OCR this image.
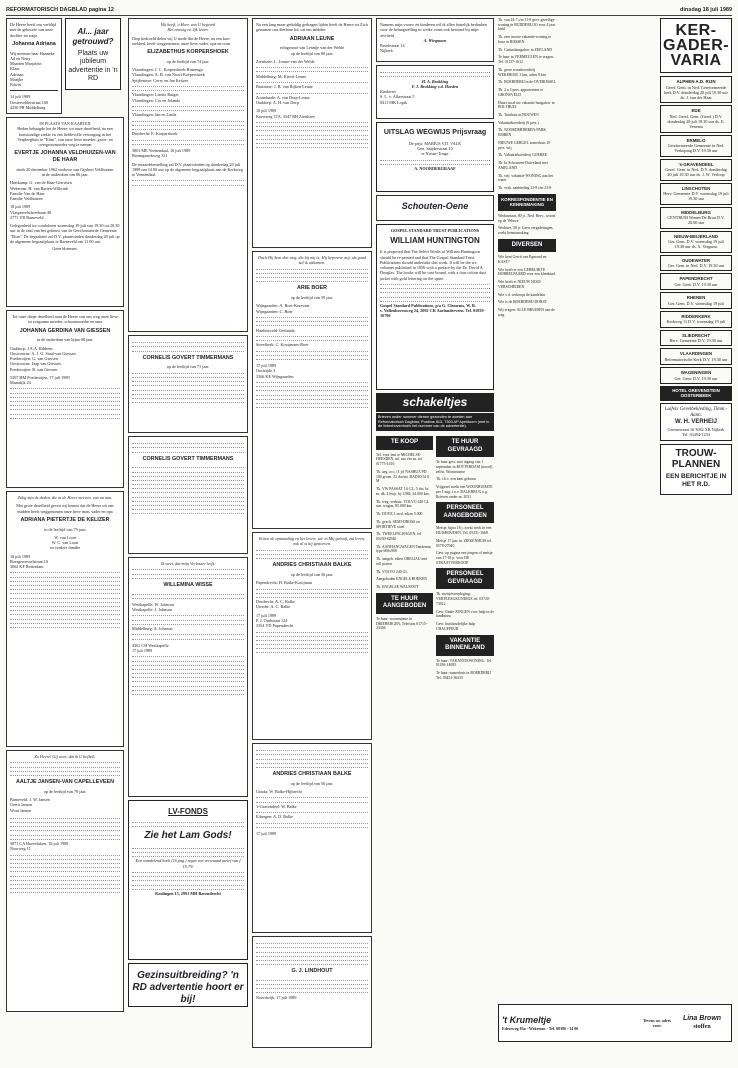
REFORMATORISCH DAGBLAD pagina 12	dinsdag 18 juli 1989
De Heere heeft ons verblijd met de geboorte van onze dochter en zusje
Johanna Adriana
Wij noemen haar Hanneke
Ad en Netty
Maarten Marjolein
Klaas
Adriaan
Marijke
Edwin
14 juli 1989
Oostervelderstraat 160
4250 PR Middelburg
Al... jaar getrouwd?
Plaats uw jubileum advertentie in 'n RD
IN PLAATS VAN KAARTEN
Heden behaagde het de Heere, tot onze droefheid, na een kortstondige ziekte en een liefdevolle verzorging in het Verpleeghuis te "Elim", van onze lieve moeder, groot- en overgrootmoeder weg te nemen
EVERTJE JOHANNA VELDHUIZEN-VAN DE HAAR
sinds 20 december 1962 weduwe van Gijsbert Veldhuizen
in de ouderdom van 86 jaar.
Harskamp: G. van de Haar-Gerritsen
Wekerom: H. van Barten-Wilbrink
Familie Van de Haar
Familie Veldhuizen
18 juli 1989
Vlaspeerelsdwerbaan 40
3771 VB Barneveld
Gelegenheid tot condoleren woensdag 19 juli van 19.30 tot 20.30 uur in de zaal van het gebouw van de Gereformeerde Gemeente "Elim". De begrafenis zal D.V. plaatsvinden donderdag 20 juli op de algemene begraafplaats te Barneveld om 11.00 uur.
Geen bloemen.
Tot onze diepe droefheid nam de Heere van ons weg onze lieve en zorgzame moeder, schoonmoeder en oma
JOHANNA GERDINA VAN GIESSEN
in de ouderdom van bijna 68 jaar.
Ouddorp: J.A.A. Ribbens
Oostvoorne: A. J. G. Staal-van Giessen
Poederoijen: G. van Giessen
Oostvoorne: Jaap van Giessen
Poederoijen: B. van Giessen
5307 HM Poederoijen, 17 juli 1989
Maasdijk 24
Zalig zijn de doden, die in de Heere sterven, van nu aan.
Met grote droefheid geven wij kennis dat de Heere uit ons midden heeft weggenomen onze lieve man, vader en opa
ADRIANA PIETERTJE DE KELIZER
in de leeftijd van 79 jaar.
W. van Loon
W. C. van Loon
en verdere familie
16 juli 1989
Boergeroesselstraat 10
3062 KF Rotterdam
Zo Heere! Gij weet, dat ik U liefheb.
AALTJE JANSEN-VAN CAPELLEVEEN
op de leeftijd van 78 jaar.
Barneveld: J. W. Jansen
Gerrit Jansen
Wout Jansen
3871 CA Hoevelaken, 16 juli 1989
Noorweg 11
Hij heeft, o Heer, van U begeerd
Het eeuwig en lijk leven.
Diep bedroefd delen wij U mede dat de Heere, na een kort ziekbed, heeft weggenomen, onze lieve vader, opa en oom
ELIZABETHUS KORPERSHOEK
op de leeftijd van 74 jaar.
Vlaardingen: J. C. Korpershoek-Huizenga
Vlaardingen: A. H. van Noort-Korpershoek
Spijkenisse: Corry en Jan Keijzer
Vlaardingen: Lisette Rutger
Vlaardingen: Cor en Jolanda
Vlaardingen: Jan en Linda
Dordrecht: E. Korpershoek
3801 ME Veenendaal, 16 juli 1989
Boomgaardsweg 331
De teraardebestelling zal D.V. plaatsvinden op donderdag 20 juli 1989 om 14.00 uur op de algemene begraafplaats aan de Kerkweg te Veenendaal.
CORNELIS GOVERT TIMMERMANS
op de leeftijd van 71 jaar.
CORNELIS GOVERT TIMMERMANS
Ik weet, dat mijn Verlosser leeft.
WILLEMINA WISSE
Westkapelle: W. Johnson
Westkapelle: J. Johnson
Middelburg: A. Johnson
4361 CH Westkapelle
17 juli 1989
LV-FONDS
Zie het Lam Gods!
Een wandelend boek (16 pag.) tegen een verwaand tarief van f 19,75!
Koolingen 13, 2991 MH Barendrecht
Gezinsuitbreiding? 'n RD advertentie hoort er bij!
Na een lang maar geduldig gedragen lijden heeft de Heere tot Zich genomen ons dierbaar lid, uit ons midden
ADRIAAN LEUNE
echtgenoot van Lenntje van der Welde
op de leeftijd van 80 jaar.
Zierikzee: L. Leune-van der Welde
Middelburg: M. Kievit-Leune
Bruinisse: J. B. van Rijken-Leune
Zoutelande: A. van Dorp-Leune
Ouddorp: A. H. van Dorp
16 juli 1989
Korteweg 37A, 3547 BH Zierikzee
Doch Hij kent den weg, die bij mij is; Hij beproeve mij, als goud zal ik uitkomen.
ARIE BOER
op de leeftijd van 59 jaar.
Wijngaarden: A. Boer-Korevaar
Wijngaarden: C. Boer
Hardinxveld: Gerlanda
Streefkerk: C. Kooijmans-Boer
17 juli 1989
Oostzijde 3
3366 KE Wijngaarden
Ik ben de opstanding en het leven; wie in Mij gelooft, zal leven, ook al is hij gestorven.
ANDRIES CHRISTIAAN BALKE
op de leeftijd van 56 jaar.
Papendrecht: H. Balke-Kooijman
Dordrecht: A. C. Balke
Utrecht: A. C. Balke
17 juli 1989
P. J. Oudstraat 124
3354 VD Papendrecht
ANDRIES CHRISTIAAN BALKE
op de leeftijd van 56 jaar.
Gouda: W. Balke-Hijbrecht
's-Gravendeel: W. Balke
Eibergen: A. D. Balke
17 juli 1989
G. J. LINDHOUT
Noordwijk, 17 juli 1989
Namens mijn vrouw en kinderen wil ik allen hartelijk bedanken voor de belangstelling in welke vorm ook betoond bij mijn afscheid.
A. Wiegmans
Broekstraat 14
Nijkerk
H. A. Brokking
F. J. Brokking-v.d. Hoeden
Kinderen
S. L. v. Alkerstraat 5
8411 MK Lopik
UITSLAG WEGWIJS Prijsvraag
De prijs: MARIUS V.D. VALK
Gen. Snijderstraat 10
te Nieuw-Tonge
A. NOORDERGRAAF
Schouten-Oene
GOSPEL STANDARD TRUST PUBLICATIONS
WILLIAM HUNTINGTON
It is proposed that The Select Works of William Huntington should be re-printed and that The Gospel Standard Trust Publications should undertake this work. It will be the six volumes published in 1856 with a preface by the Dr. David A. Douglas. The books will be case bound, with a four colour dust jacket with gold lettering on the spine.
Gospel Standard Publications, p/a G. Clements, W. B.
v. Vollenhovenweg 24, 2092 CK Aarlanderveen. Tel. 01859-16796
schakeltjes
Brieven onder nummer dienen gezonden te worden aan Reformatorisch Dagblad, Postbus 613, 7300 AP Apeldoorn (met in de linkerbovenhoek het nummer van de advertentie).
TE KOOP
Tel. voor tent te MICHELSE-HEESDEN, inl. ma t/m za. tel. 01775-1416
Tk. aeg. occ. (1 jr) NASHUA PD 100 groen. 32 tkwtm. RADIO 54 8 M
Tk. VW PASSAT 1.6 CL, 5 drs. br. m. dk. 4 bwjr. bj. 1984, 24.000 km.
Tk. weg. verhuiz. VOLVO 240 GL stat. wagon, 85.000 km.
Tk. DOVE 1 zwd. eiken 5.000
Tk. gesch. SEMI-DROSS en SPORTIEVE stoel
Tk. TWEELINGWAGEN, tel. 05230-62940
Tk. AANHANGWAGEN Tandemas type 600x900
Tk. aangeb. eiken OBELIAU met roll potten
Tk. VOLVO 240 GL
Aangeboden ENGELS BOEKEN
Tk. ENGELSE WALNOOT
TE HUUR AANGEBODEN
Te huur: woonruimte in DRIEBERGEN, Telefoon 01715-23456
TE HUUR GEVRAAGD
Te huur gevr. met ingang van 1 september in ROTTERDAM (noord) zelfst. Woonruimte
Tk. t.b.v. een kant gebouw
Vrijgezel zoekt een WOONRUIMTE per 1 aug. i.o.v. BALKBRUG o.g. Brieven onder nr. 2031
PERSONEEL AANGEBODEN
Meisje, bijna 18 j. zoekt werk in een HUISHOUDEN. Tel. 05231-1668
Meisje 17 jaar in: ZIEKENHUIS tel. 0578-27040
Gevr. op pagina een jongen of meisje van 17-18 jr. voor DE STRAATVERKOOP
PERSONEEL GEVRAAGD
Tk. meisjesverpleging: VERPLEEGKUNDIGE tel. 05720-73012
Gevr. flinke JONGEN voor hulp in de landbouw
Gevr. huishoudelijke hulp CHAUFFEUR
VAKANTIE BINNENLAND
Te huur: VAKANTIEWONING. Tel. 01186-14085
Te huur: zomerhuis in BOERDERIJ Tel. 03451-36235
Tk. van 24-7 t/m 11-8 gevr. gezellige woning in BUDDERLOO voor 4 jaar kind
Tk. zeer mooie vakantie-woning te huur in RIJSSEN
Tk. Gezinsbungalow in ZEELAND
Te huur in VERMEULEN te vragen. Tel. 01137-1612
Tk. grote woonboerderij WEKEROM, 3 km, adres 8 km
Tk. BOERDERIJ in de OVERIJSSEL
Tk. 2 a 4 pers. appartement te GRONSVELD
Huurt nu al uw vakantie bungalow in BOLTHUIS
Tk. Tuinhuis in BOUWEN
Vakantieboerderij (6 pers.)
Tk. NOORDERDEREN-PARK EMBEN
NIEUWE GERGEL zomerhuis 10 pers. vrij
Tk. Vakantieboerderij GOEREE
Tk. In Schouwen-Duiveland met AMELAND
Tk. vrij: vakantie-WONING aan het water
Tk. verh. aanbieding 13-8 t/m 23-8
KORRESPONDENTIE EN KENNISMAKING
Weduwnaar, 80 jr., Ned. Herv., woont op de Veluwe
Weduwe, 58 jr. Geen vergaderingen, zoekt kennismaking
DIVERSEN
Wie kent Gerrit van Egmond en KAST?
Wie heeft er een GEBRUIKTE HOBBELPAARD voor een kleinkind
Wie heeft er NIEUW HOOI VERSCHEIDEN
Wie v.d. verkoopt de kandelaar
Wie is de BOERDERIJ DORST
Wij vragen: ALLE BRUIDEN aan de weg
't Krumeltje
Edeseweg 83a - Wekerom - Tel. 08386 - 14 06
Tevens uw adres voor:
Lina Brown
stoffen
KER-GADER-VARIA
ALPHEN A.D. RIJN
Geref. Gem. in Ned. Gereformeerde kerk D.V. donderdag 20 juli 19.30 uur ds. J. van der Haar
EDE
Ned. Geref. Gem. (Geref.) D.V. donderdag 20 juli 19.30 uur ds. E. Venema
ERMELO
Gereformeerde Gemeente in Ned. Verkoping D.V. 19.30 uur
's-GRAVENDEEL
Geref. Gem. in Ned. D.V. donderdag 20 juli 19.30 uur ds. J. W. Verloop
LINSCHOTEN
Herv. Gemeente D.V. woensdag 19 juli 19.30 uur
MIDDELBURG
CENTRUM Wonen De Bron D.V. 20.00 uur
NIEUW-BEIJERLAND
Ger. Gem. D.V. woensdag 19 juli 19.30 uur ds. A. Vergunst
OUDEWATER
Ger. Gem. in Ned. D.V. 19.30 uur
PAPENDRECHT
Ger. Gem. D.V. 19.30 uur
RHENEN
Ger. Gem. D.V. woensdag 19 juli
RIDDERKERK
Kerkweg 11 D.V. woensdag 19 juli
SLIEDRECHT
Herv. Gemeente D.V. 19.30 uur
VLAARDINGEN
Reformatorische Kerk D.V. 19.30 uur
WAGENINGEN
Ger. Gem. D.V. 19.30 uur
HOTEL GREVENSTEIN OOSTERBEEK
Luifels Gevelbekleding, Timm.-Aann.
W. H. VERHEIJ
Groenestraat 16 3082 XB Nijkerk
Tel. 03494-1234
TROUW-PLANNEN
EEN BERICHTJE IN HET R.D.
